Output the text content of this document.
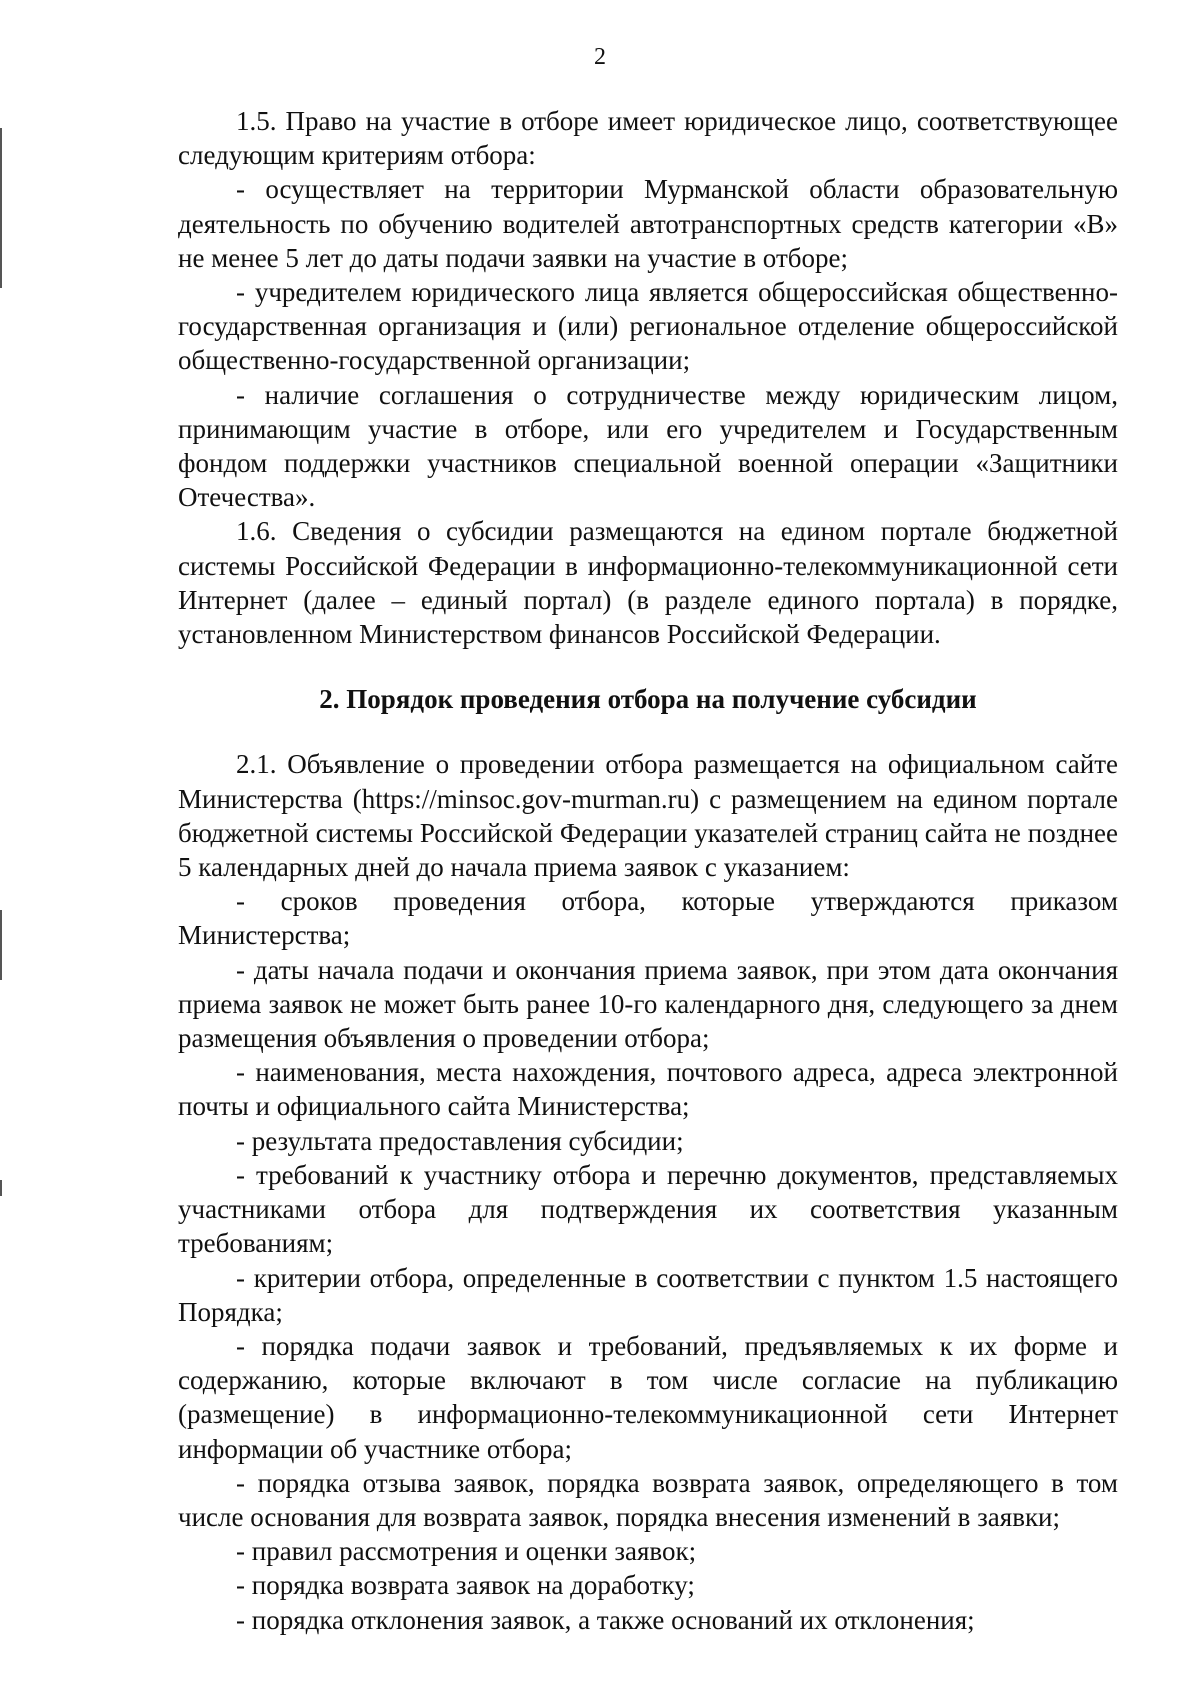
2

1.5. Право на участие в отборе имеет юридическое лицо, соответствующее следующим критериям отбора:

- осуществляет на территории Мурманской области образовательную деятельность по обучению водителей автотранспортных средств категории «В» не менее 5 лет до даты подачи заявки на участие в отборе;

- учредителем юридического лица является общероссийская общественно-государственная организация и (или) региональное отделение общероссийской общественно-государственной организации;

- наличие соглашения о сотрудничестве между юридическим лицом, принимающим участие в отборе, или его учредителем и Государственным фондом поддержки участников специальной военной операции «Защитники Отечества».

1.6. Сведения о субсидии размещаются на едином портале бюджетной системы Российской Федерации в информационно-телекоммуникационной сети Интернет (далее – единый портал) (в разделе единого портала) в порядке, установленном Министерством финансов Российской Федерации.

2. Порядок проведения отбора на получение субсидии

2.1. Объявление о проведении отбора размещается на официальном сайте Министерства (https://minsoc.gov-murman.ru) с размещением на едином портале бюджетной системы Российской Федерации указателей страниц сайта не позднее 5 календарных дней до начала приема заявок с указанием:

- сроков проведения отбора, которые утверждаются приказом Министерства;

- даты начала подачи и окончания приема заявок, при этом дата окончания приема заявок не может быть ранее 10-го календарного дня, следующего за днем размещения объявления о проведении отбора;

- наименования, места нахождения, почтового адреса, адреса электронной почты и официального сайта Министерства;

- результата предоставления субсидии;

- требований к участнику отбора и перечню документов, представляемых участниками отбора для подтверждения их соответствия указанным требованиям;

- критерии отбора, определенные в соответствии с пунктом 1.5 настоящего Порядка;

- порядка подачи заявок и требований, предъявляемых к их форме и содержанию, которые включают в том числе согласие на публикацию (размещение) в информационно-телекоммуникационной сети Интернет информации об участнике отбора;

- порядка отзыва заявок, порядка возврата заявок, определяющего в том числе основания для возврата заявок, порядка внесения изменений в заявки;

- правил рассмотрения и оценки заявок;

- порядка возврата заявок на доработку;

- порядка отклонения заявок, а также оснований их отклонения;
